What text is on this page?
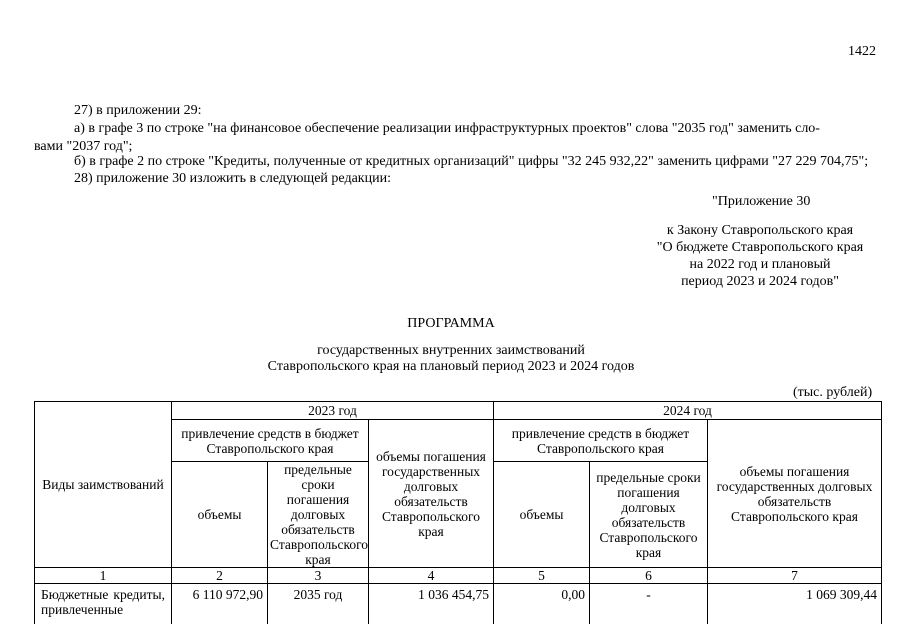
1422
27) в приложении 29:
а) в графе 3 по строке "на финансовое обеспечение реализации инфраструктурных проектов" слова "2035 год" заменить сло-
вами "2037 год";
б) в графе 2 по строке "Кредиты, полученные от кредитных организаций" цифры "32 245 932,22" заменить цифрами "27 229 704,75";
28) приложение 30 изложить в следующей редакции:
"Приложение 30
к Закону Ставропольского края
"О бюджете Ставропольского края
на 2022 год и плановый
период 2023 и 2024 годов"
ПРОГРАММА
государственных внутренних заимствований
Ставропольского края на плановый период 2023 и 2024 годов
(тыс. рублей)
Виды заимствований	2023 год			2024 год		
	привлечение средств в бюджет Ставропольского края		объемы погашения государственных долговых обязательств Ставропольского края	привлечение средств в бюджет Ставропольского края		объемы погашения государственных долговых обязательств Ставропольского края
	объемы	предельные сроки погашения долговых обязательств Ставропольского края		объемы	предельные сроки погашения долговых обязательств Ставропольского края	
1	2	3	4	5	6	7
Бюджетные кредиты, привлеченные	6 110 972,90	2035 год	1 036 454,75	0,00	-	1 069 309,44
